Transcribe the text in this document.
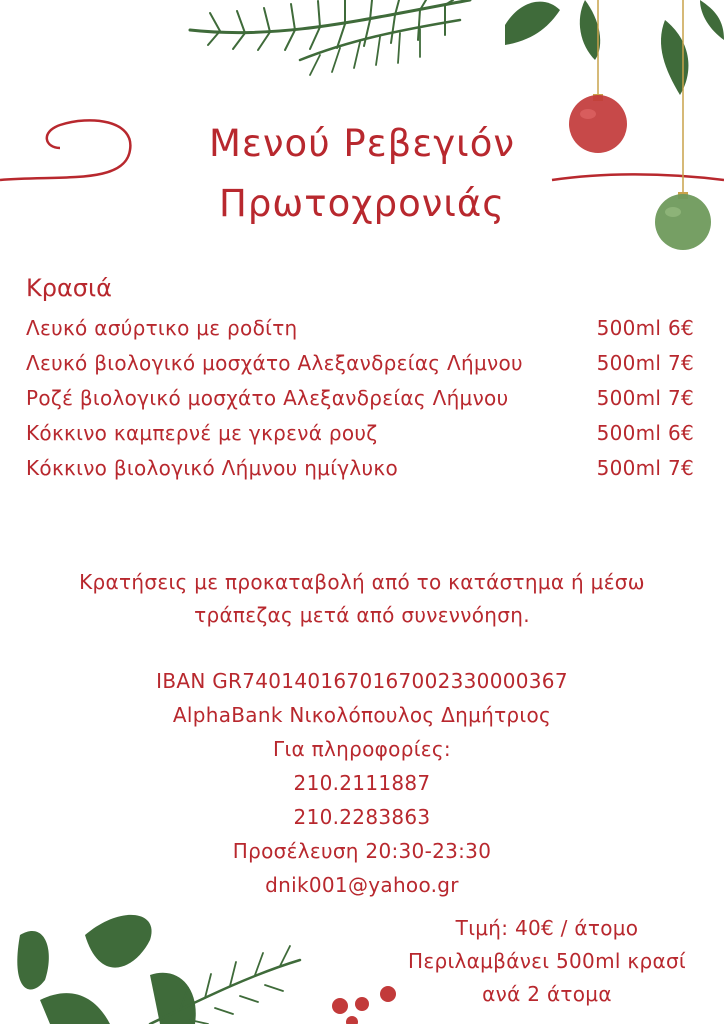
Μενού Ρεβεγιόν
Πρωτοχρονιάς
Κρασιά
Λευκό ασύρτικο με ροδίτη	500ml 6€
Λευκό βιολογικό μοσχάτο Αλεξανδρείας Λήμνου	500ml 7€
Ροζέ βιολογικό μοσχάτο Αλεξανδρείας Λήμνου	500ml 7€
Κόκκινο καμπερνέ με γκρενά ρουζ	500ml 6€
Κόκκινο βιολογικό Λήμνου ημίγλυκο	500ml 7€
Κρατήσεις με προκαταβολή από το κατάστημα ή μέσω
τράπεζας μετά από συνεννόηση.
IBAN GR7401401670167002330000367
AlphaBank Νικολόπουλος Δημήτριος
Για πληροφορίες:
210.2111887
210.2283863
Προσέλευση 20:30-23:30
dnik001@yahoo.gr
Τιμή: 40€ / άτομο
Περιλαμβάνει 500ml κρασί
ανά 2 άτομα
